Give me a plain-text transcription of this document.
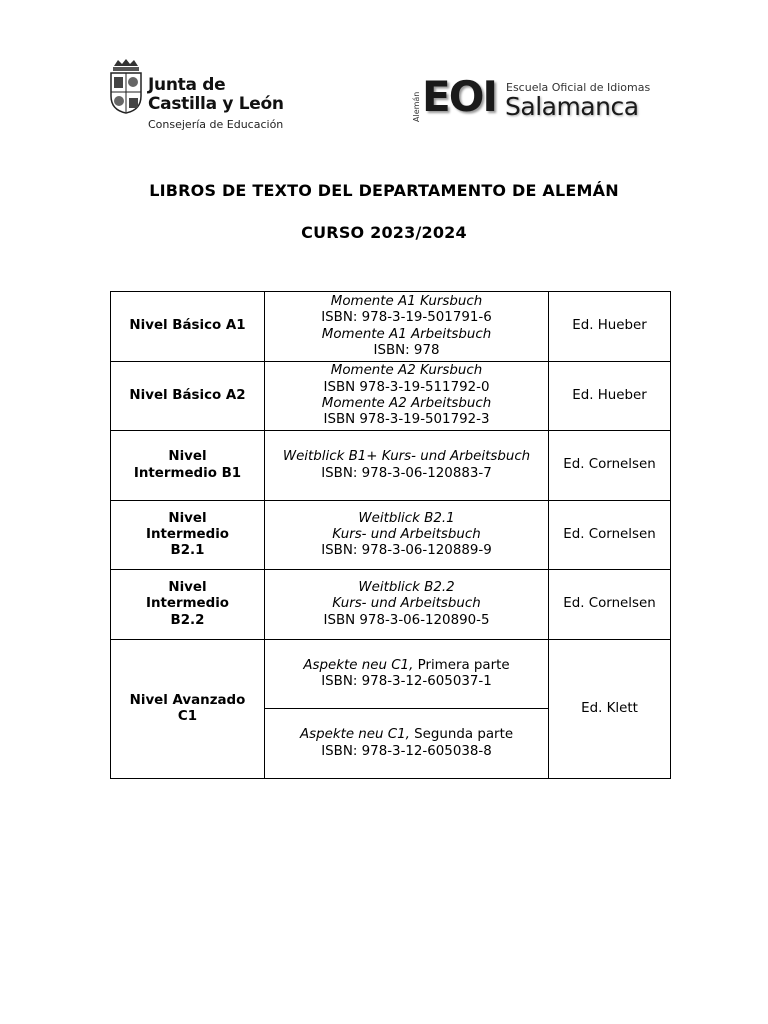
Junta de
Castilla y León
Consejería de Educación
Alemán EOI Escuela Oficial de Idiomas
Salamanca
LIBROS DE TEXTO DEL DEPARTAMENTO DE ALEMÁN
CURSO 2023/2024
Nivel Básico A1	Momente A1 Kursbuch
ISBN: 978-3-19-501791-6
Momente A1 Arbeitsbuch
ISBN: 978	Ed. Hueber
Nivel Básico A2	Momente A2 Kursbuch
ISBN 978-3-19-511792-0
Momente A2 Arbeitsbuch
ISBN 978-3-19-501792-3	Ed. Hueber

Nivel
Intermedio B1	Weitblick B1+ Kurs- und Arbeitsbuch
ISBN: 978-3-06-120883-7	Ed. Cornelsen

Nivel
Intermedio
B2.1	Weitblick B2.1
Kurs- und Arbeitsbuch
ISBN: 978-3-06-120889-9	Ed. Cornelsen

Nivel
Intermedio
B2.2	Weitblick B2.2
Kurs- und Arbeitsbuch
ISBN 978-3-06-120890-5	Ed. Cornelsen

Nivel Avanzado
C1	Aspekte neu C1, Primera parte
ISBN: 978-3-12-605037-1	Ed. Klett

	Aspekte neu C1, Segunda parte
ISBN: 978-3-12-605038-8	
